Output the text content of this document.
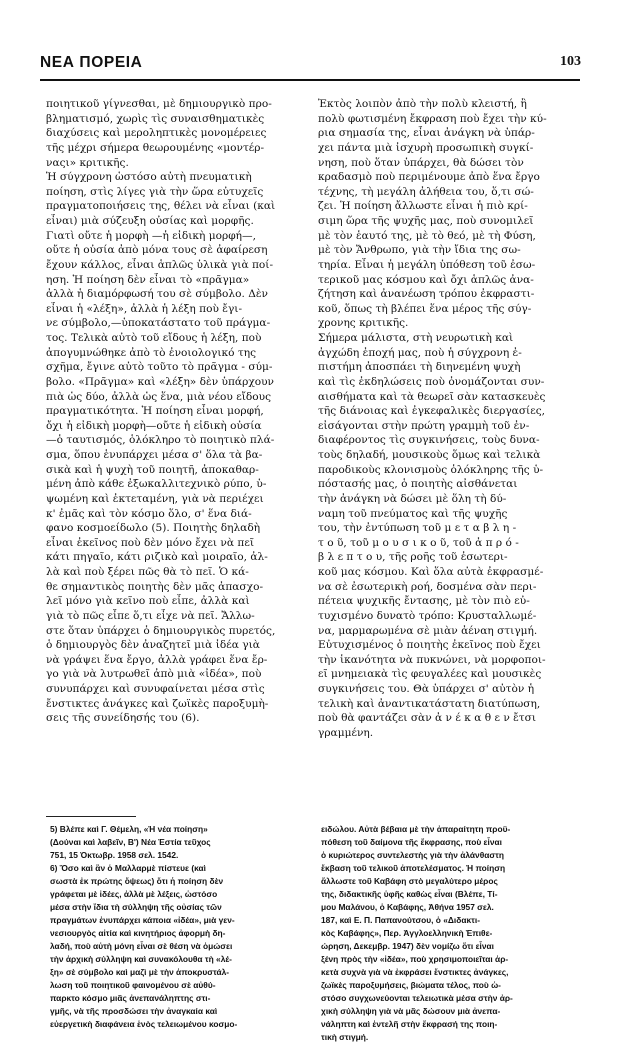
ΝΕΑ ΠΟΡΕΙΑ	103
ποιητικοῦ γίγνεσθαι, μὲ δημιουργικὸ προ-
βληματισμό, χωρὶς τὶς συναισθηματικὲς
διαχύσεις καὶ μεροληπτικὲς μονομέρειες
τῆς μέχρι σήμερα θεωρουμένης «μοντέρ-
ναςι» κριτικῆς.
Ἡ σύγχρονη ὡστόσο αὐτὴ πνευματικὴ
ποίηση, στὶς λίγες γιὰ τὴν ὥρα εὐτυχεῖς
πραγματοποιήσεις της, θέλει νὰ εἶναι (καὶ
εἶναι) μιὰ σύζευξη οὐσίας καὶ μορφῆς.
Γιατὶ οὔτε ἡ μορφὴ —ἡ εἰδικὴ μορφή—,
οὔτε ἡ οὐσία ἀπὸ μόνα τους σὲ ἀφαίρεση
ἔχουν κάλλος, εἶναι ἁπλῶς ὑλικὰ γιὰ ποί-
ηση. Ἡ ποίηση δὲν εἶναι τὸ «πρᾶγμα»
ἀλλὰ ἡ διαμόρφωσή του σὲ σύμβολο. Δὲν
εἶναι ἡ «λέξη», ἀλλὰ ἡ λέξη ποὺ ἔγι-
νε σύμβολο,—ὑποκατάστατο τοῦ πράγμα-
τος. Τελικὰ αὐτὸ τοῦ εἴδους ἡ λέξη, ποὺ
ἀπογυμνώθηκε ἀπὸ τὸ ἐνοιολογικό της
σχῆμα, ἔγινε αὐτὸ τοῦτο τὸ πρᾶγμα - σύμ-
βολο. «Πρᾶγμα» καὶ «λέξη» δὲν ὑπάρχουν
πιὰ ὡς δύο, ἀλλὰ ὡς ἕνα, μιὰ νέου εἴδους
πραγματικότητα. Ἡ ποίηση εἶναι μορφή,
ὄχι ἡ εἰδικὴ μορφὴ—οὔτε ἡ εἰδικὴ οὐσία
—ὁ ταυτισμός, ὁλόκληρο τὸ ποιητικὸ πλά-
σμα, ὅπου ἑνυπάρχει μέσα σ' ὅλα τὰ βα-
σικὰ καὶ ἡ ψυχὴ τοῦ ποιητῆ, ἀποκαθαρ-
μένη ἀπὸ κάθε ἐξωκαλλιτεχνικὸ ρύπο, ὑ-
ψωμένη καὶ ἐκτεταμένη, γιὰ νὰ περιέχει
κ' ἐμᾶς καὶ τὸν κόσμο ὅλο, σ' ἕνα διά-
φανο κοσμοείδωλο (5). Ποιητὴς δηλαδὴ
εἶναι ἐκεῖνος ποὺ δὲν μόνο ἔχει νὰ πεῖ
κάτι πηγαῖο, κάτι ριζικὸ καὶ μοιραῖο, ἀλ-
λὰ καὶ ποὺ ξέρει πῶς θὰ τὸ πεῖ. Ὁ κά-
θε σημαντικὸς ποιητὴς δὲν μᾶς ἀπασχο-
λεῖ μόνο γιὰ κεῖνο ποὺ εἶπε, ἀλλὰ καὶ
γιὰ τὸ πῶς εἶπε ὅ,τι εἶχε νὰ πεῖ. Ἄλλω-
στε ὅταν ὑπάρχει ὁ δημιουργικὸς πυρετός,
ὁ δημιουργὸς δὲν ἀναζητεῖ μιὰ ἰδέα γιὰ
νὰ γράψει ἕνα ἔργο, ἀλλὰ γράφει ἕνα ἔρ-
γο γιὰ νὰ λυτρωθεῖ ἀπὸ μιὰ «ἰδέα», ποὺ
συνυπάρχει καὶ συνυφαίνεται μέσα στὶς
ἔνστικτες ἀνάγκες καὶ ζωϊκὲς παροξυμὴ-
σεις τῆς συνείδησής του (6).
Ἐκτὸς λοιπὸν ἀπὸ τὴν πολὺ κλειστή, ἢ
πολὺ φωτισμένη ἔκφραση ποὺ ἔχει τὴν κύ-
ρια σημασία της, εἶναι ἀνάγκη νὰ ὑπάρ-
χει πάντα μιὰ ἰσχυρὴ προσωπικὴ συγκί-
νηση, ποὺ ὅταν ὑπάρχει, θὰ δώσει τὸν
κραδασμὸ ποὺ περιμένουμε ἀπὸ ἕνα ἔργο
τέχνης, τὴ μεγάλη ἀλήθεια του, ὅ,τι σώ-
ζει. Ἡ ποίηση ἄλλωστε εἶναι ἡ πιὸ κρί-
σιμη ὥρα τῆς ψυχῆς μας, ποὺ συνομιλεῖ
μὲ τὸν ἑαυτό της, μὲ τὸ θεό, μὲ τὴ Φύση,
μὲ τὸν Ἄνθρωπο, γιὰ τὴν ἴδια της σω-
τηρία. Εἶναι ἡ μεγάλη ὑπόθεση τοῦ ἐσω-
τερικοῦ μας κόσμου καὶ ὄχι ἁπλῶς ἀνα-
ζήτηση καὶ ἀνανέωση τρόπου ἐκφραστι-
κοῦ, ὅπως τὴ βλέπει ἕνα μέρος τῆς σύγ-
χρονης κριτικῆς.
Σήμερα μάλιστα, στὴ νευρωτικὴ καὶ
ἀγχώδη ἐποχή μας, ποὺ ἡ σύγχρονη ἐ-
πιστήμη ἀποσπάει τὴ διηνεμένη ψυχὴ
καὶ τὶς ἐκδηλώσεις ποὺ ὀνομάζονται συν-
αισθήματα καὶ τὰ θεωρεῖ σὰν κατασκευὲς
τῆς διάνοιας καὶ ἐγκεφαλικὲς διεργασίες,
εἰσάγονται στὴν πρώτη γραμμὴ τοῦ ἐν-
διαφέροντος τὶς συγκινήσεις, τοὺς δυνα-
τοὺς δηλαδή, μουσικοὺς ὅμως καὶ τελικὰ
παροδικοὺς κλονισμοὺς ὁλόκληρης τῆς ὑ-
πόστασής μας, ὁ ποιητὴς αἰσθάνεται
τὴν ἀνάγκη νὰ δώσει μὲ ὅλη τὴ δύ-
ναμη τοῦ πνεύματος καὶ τῆς ψυχῆς
του, τὴν ἐντύπωση τοῦ μ ε τ α β λ η -
τ ο ῦ, τοῦ μ ο υ σ ι κ ο ῦ, τοῦ ἀ π ρ ό -
β λ ε π τ ο υ, τῆς ροῆς τοῦ ἐσωτερι-
κοῦ μας κόσμου. Καὶ ὅλα αὐτὰ ἐκφρασμέ-
να σὲ ἐσωτερικὴ ροή, δοσμένα σὰν περι-
πέτεια ψυχικῆς ἔντασης, μὲ τὸν πιὸ εὐ-
τυχισμένο δυνατὸ τρόπο: Κρυσταλλωμέ-
να, μαρμαρωμένα σὲ μιὰν ἀέναη στιγμή.
Εὐτυχισμένος ὁ ποιητὴς ἐκεῖνος ποὺ ἔχει
τὴν ἱκανότητα νὰ πυκνώνει, νὰ μορφοποι-
εῖ μνημειακὰ τὶς φευγαλέες καὶ μουσικὲς
συγκινήσεις του. Θὰ ὑπάρχει σ' αὐτὸν ἡ
τελικὴ καὶ ἀναντικατάστατη διατύπωση,
ποὺ θὰ φαντάζει σὰν ἀ ν έ κ α θ ε ν ἔτσι
γραμμένη.
5) Βλέπε καὶ Γ. Θέμελη, «Ἡ νέα ποίηση»
(Δούναι καὶ λαβεῖν, Β') Νέα Ἑστία τεῦχος
751, 15 Ὀκτωβρ. 1958 σελ. 1542.
6) Ὅσο καὶ ἂν ὁ Μαλλαρμὲ πίστευε (καὶ
σωστὰ ἐκ πρώτης ὄψεως) ὅτι ἡ ποίηση δὲν
γράφεται μὲ ἰδέες, ἀλλὰ μὲ λέξεις, ὡστόσο
μέσα στὴν ἴδια τὴ σύλληψη τῆς οὐσίας τῶν
πραγμάτων ἐνυπάρχει κάποια «ἰδέα», μιὰ γεν-
νεσιουργὸς αἰτία καὶ κινητήριος ἀφορμὴ δη-
λαδή, ποὺ αὐτὴ μόνη εἶναι σὲ θέση νὰ ὁμώσει
τὴν ἀρχικὴ σύλληψη καὶ συνακόλουθα τὴ «λέ-
ξη» σὲ σύμβολο καὶ μαζὶ μὲ τὴν ἀποκρυστάλ-
λωση τοῦ ποιητικοῦ φαινομένου σὲ αὐθύ-
παρκτο κόσμο μιᾶς ἀνεπανάληπτης στι-
γμῆς, νὰ τῆς προσδώσει τὴν ἀναγκαία καὶ
εὐεργετικὴ διαφάνεια ἑνὸς τελειωμένου κοσμο-
ειδώλου. Αὐτὰ βέβαια μὲ τὴν ἀπαραίτητη προϋ-
πόθεση τοῦ δαίμονα τῆς ἔκφρασης, ποὺ εἶναι
ὁ κυριώτερος συντελεστὴς γιὰ τὴν ἀλάνθαστη
ἔκβαση τοῦ τελικοῦ ἀποτελέσματος. Ἡ ποίηση
ἄλλωστε τοῦ Καβάφη στὸ μεγαλύτερο μέρος
της, διδακτικῆς ὑφῆς καθὼς εἶναι (Βλέπε, Τί-
μου Μαλάνου, ὁ Καβάφης, Ἀθήνα 1957 σελ.
187, καὶ Ε. Π. Παπανούτσου, ὁ «Διδακτι-
κὸς Καβάφης», Περ. Ἀγγλοελληνικὴ Ἐπιθε-
ώρηση, Δεκεμβρ. 1947) δὲν νομίζω ὅτι εἶναι
ξένη πρὸς τὴν «ἰδέα», ποὺ χρησιμοποιεῖται ἀρ-
κετὰ συχνὰ γιὰ νὰ ἐκφράσει ἔνστικτες ἀνάγκες,
ζωϊκὲς παροξυμήσεις, βιώματα τέλος, ποὺ ὡ-
στόσο συγχωνεύονται τελειωτικὰ μέσα στὴν ἀρ-
χικὴ σύλληψη γιὰ νὰ μᾶς δώσουν μιὰ ἀνεπα-
νάληπτη καὶ ἐντελῆ στὴν ἔκφρασή της ποιη-
τικὴ στιγμή.
